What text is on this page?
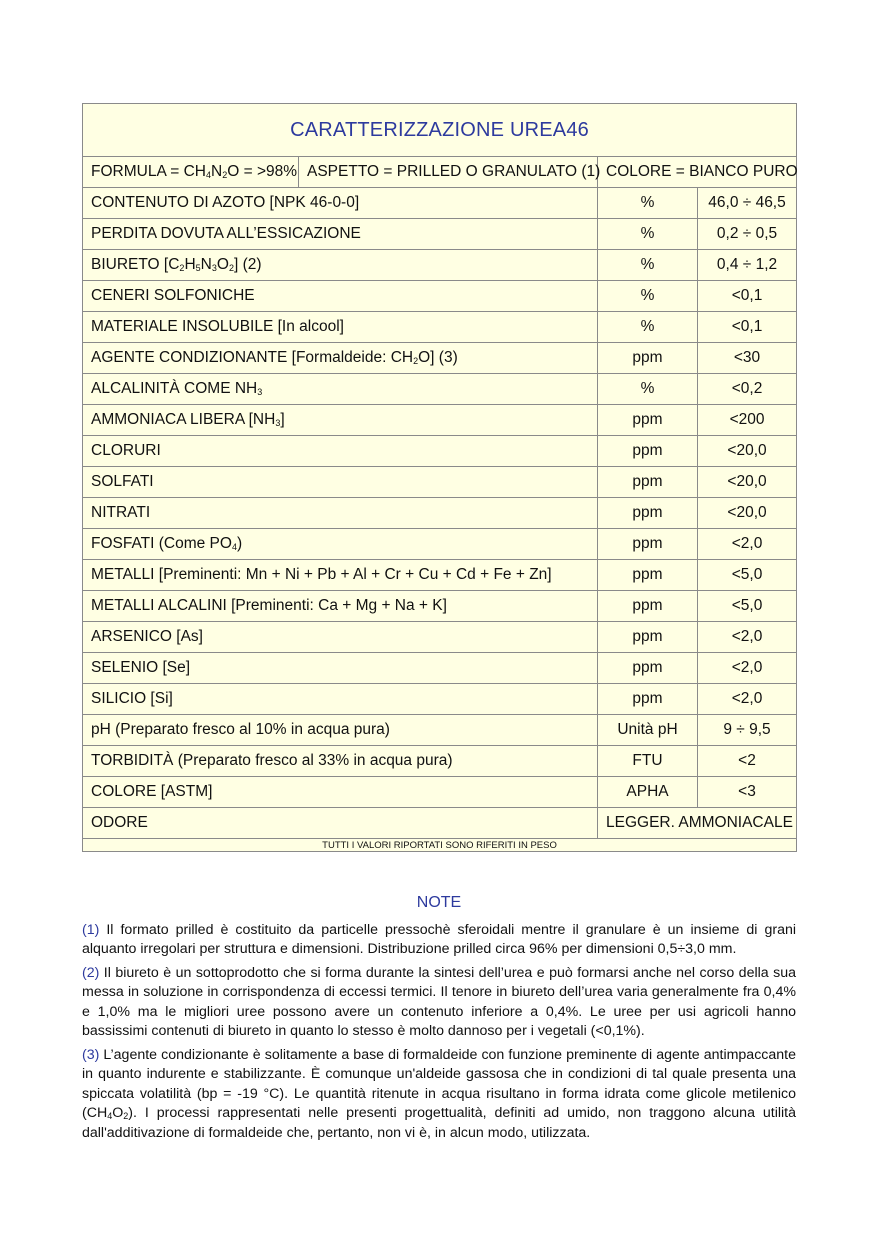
CARATTERIZZAZIONE UREA46			
FORMULA = $CH_4N_2O = >98\%$	ASPETTO = PRILLED O GRANULATO (1)	COLORE = BIANCO PURO	
CONTENUTO DI AZOTO [NPK 46-0-0]		%	46,0 ÷ 46,5
PERDITA DOVUTA ALL’ESSICAZIONE		%	0,2 ÷ 0,5
BIURETO $[C_2H_5N_3O_2]$ (2)		%	0,4 ÷ 1,2
CENERI SOLFONICHE		%	<0,1
MATERIALE INSOLUBILE [In alcool]		%	<0,1
AGENTE CONDIZIONANTE [Formaldeide: $CH_2O$] (3)		ppm	<30
ALCALINITÀ COME $NH_3$		%	<0,2
AMMONIACA LIBERA $[NH_3]$		ppm	<200
CLORURI		ppm	<20,0
SOLFATI		ppm	<20,0
NITRATI		ppm	<20,0
FOSFATI (Come $PO_4$)		ppm	<2,0
METALLI [Preminenti: Mn + Ni + Pb + Al + Cr + Cu + Cd + Fe + Zn]		ppm	<5,0
METALLI ALCALINI [Preminenti: Ca + Mg + Na + K]		ppm	<5,0
ARSENICO [As]		ppm	<2,0
SELENIO [Se]		ppm	<2,0
SILICIO [Si]		ppm	<2,0
pH (Preparato fresco al 10% in acqua pura)		Unità pH	9 ÷ 9,5
TORBIDITÀ (Preparato fresco al 33% in acqua pura)		FTU	<2
COLORE [ASTM]		APHA	<3
ODORE		LEGGER. AMMONIACALE	
TUTTI I VALORI RIPORTATI SONO RIFERITI IN PESO			
NOTE

(1) Il formato prilled è costituito da particelle pressochè sferoidali mentre il granulare è un insieme di grani alquanto irregolari per struttura e dimensioni. Distribuzione prilled circa 96% per dimensioni 0,5÷3,0 mm.

(2) Il biureto è un sottoprodotto che si forma durante la sintesi dell’urea e può formarsi anche nel corso della sua messa in soluzione in corrispondenza di eccessi termici. Il tenore in biureto dell’urea varia generalmente fra 0,4% e 1,0% ma le migliori uree possono avere un contenuto inferiore a 0,4%. Le uree per usi agricoli hanno bassissimi contenuti di biureto in quanto lo stesso è molto dannoso per i vegetali (<0,1%).

(3) L’agente condizionante è solitamente a base di formaldeide con funzione preminente di agente antimpaccante in quanto indurente e stabilizzante. È comunque un'aldeide gassosa che in condizioni di tal quale presenta una spiccata volatilità (bp = -19 °C). Le quantità ritenute in acqua risultano in forma idrata come glicole metilenico $(CH_4O_2)$. I processi rappresentati nelle presenti progettualità, definiti ad umido, non traggono alcuna utilità dall'additivazione di formaldeide che, pertanto, non vi è, in alcun modo, utilizzata.
